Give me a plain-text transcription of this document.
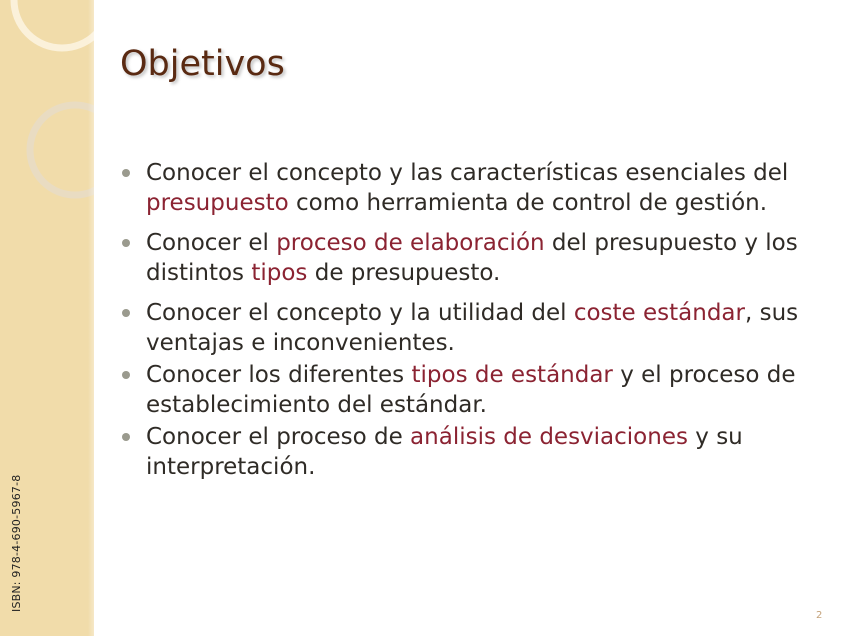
ISBN: 978-4-690-5967-8
Objetivos
Conocer el concepto y las características esenciales del presupuesto como herramienta de control de gestión.
Conocer el proceso de elaboración del presupuesto y los distintos tipos de presupuesto.
Conocer el concepto y la utilidad del coste estándar, sus ventajas e inconvenientes.
Conocer los diferentes tipos de estándar y el proceso de establecimiento del estándar.
Conocer el proceso de análisis de desviaciones y su interpretación.
2
